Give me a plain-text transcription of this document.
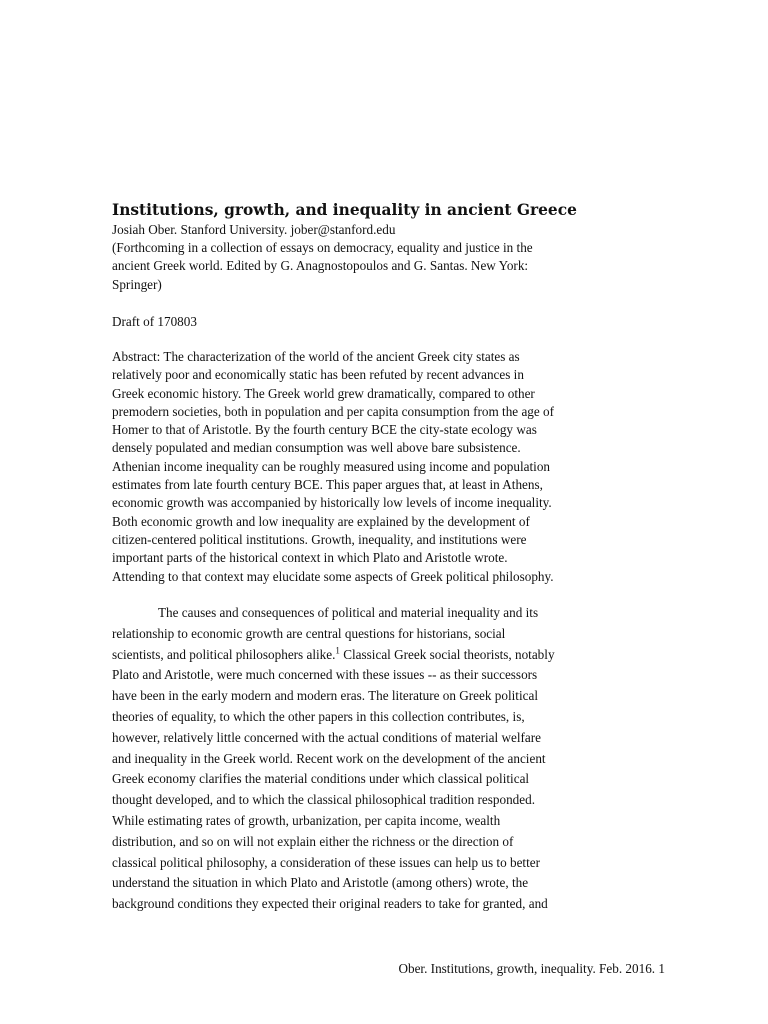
Institutions, growth, and inequality in ancient Greece

Josiah Ober. Stanford University. jober@stanford.edu

(Forthcoming in a collection of essays on democracy, equality and justice in the
ancient Greek world. Edited by G. Anagnostopoulos and G. Santas. New York:
Springer)

Draft of 170803

Abstract: The characterization of the world of the ancient Greek city states as
relatively poor and economically static has been refuted by recent advances in
Greek economic history. The Greek world grew dramatically, compared to other
premodern societies, both in population and per capita consumption from the age of
Homer to that of Aristotle. By the fourth century BCE the city-state ecology was
densely populated and median consumption was well above bare subsistence.
Athenian income inequality can be roughly measured using income and population
estimates from late fourth century BCE. This paper argues that, at least in Athens,
economic growth was accompanied by historically low levels of income inequality.
Both economic growth and low inequality are explained by the development of
citizen-centered political institutions. Growth, inequality, and institutions were
important parts of the historical context in which Plato and Aristotle wrote.
Attending to that context may elucidate some aspects of Greek political philosophy.

The causes and consequences of political and material inequality and its
relationship to economic growth are central questions for historians, social
scientists, and political philosophers alike.$^1$ Classical Greek social theorists, notably
Plato and Aristotle, were much concerned with these issues -- as their successors
have been in the early modern and modern eras. The literature on Greek political
theories of equality, to which the other papers in this collection contributes, is,
however, relatively little concerned with the actual conditions of material welfare
and inequality in the Greek world. Recent work on the development of the ancient
Greek economy clarifies the material conditions under which classical political
thought developed, and to which the classical philosophical tradition responded.
While estimating rates of growth, urbanization, per capita income, wealth
distribution, and so on will not explain either the richness or the direction of
classical political philosophy, a consideration of these issues can help us to better
understand the situation in which Plato and Aristotle (among others) wrote, the
background conditions they expected their original readers to take for granted, and

Ober. Institutions, growth, inequality. Feb. 2016. 1
